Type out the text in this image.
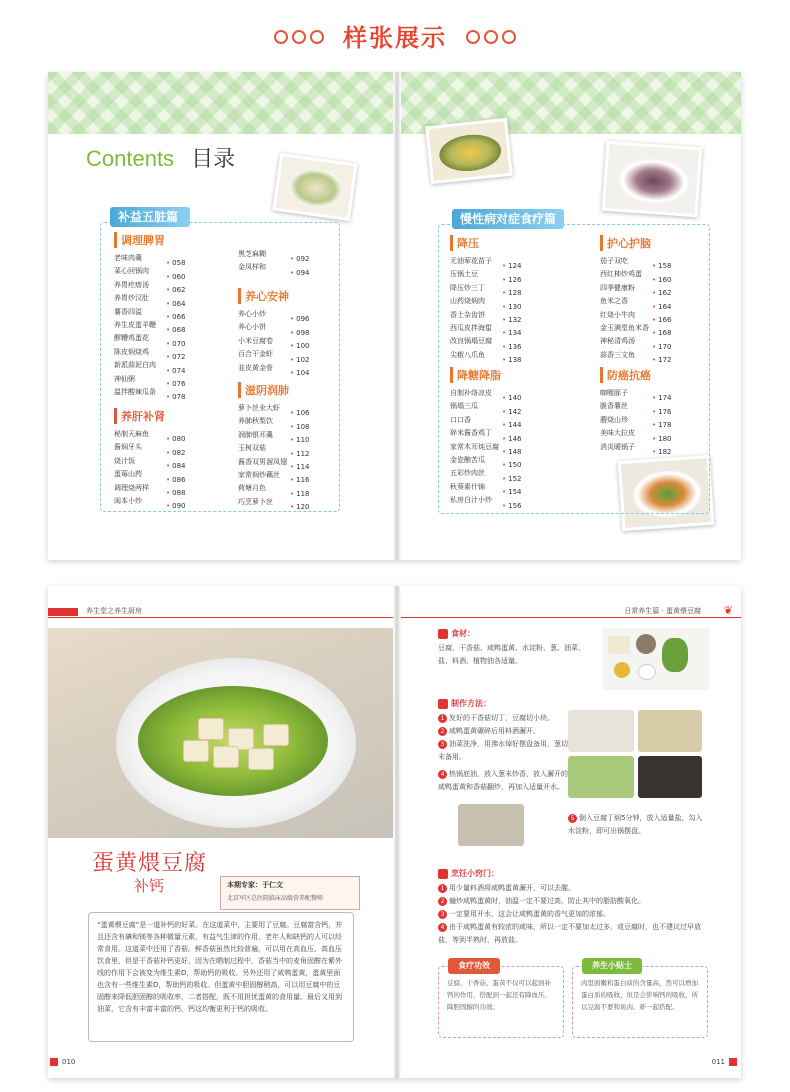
样张展示
Contents 目录
补益五脏篇
调理脾胃
老味肉羹• 058
菜心回锅肉• 060
养胃疙瘩汤• 062
养胃炒汉肚• 064
薯香四溢• 066
养生皮蛋羊鞭• 068
醪糟鸡蛋花• 070
陈皮焖烧鸡• 072
新派蒜泥白肉• 074
神仙粥• 076
温拌酸辣瓜条• 078
养肝补肾
秘制天麻鱼• 080
酱焖牙头• 082
烧汁饭• 084
蛋莓山药• 086
调理烧两样• 088
闺本小炒• 090
黑芝麻糊• 092
金凤样和• 094
养心安神
养心小炒• 096
养心小饼• 098
小米豆腐卷• 100
百合干金虾• 102
韭皮黄金骨• 104
滋阴润肺
萝卜丝汆大虾• 106
养肺秋梨饮• 108
润肺银耳羹• 110
玉树双菇• 112
酱香双男溜凤翅• 114
家常焖炒藕丝• 116
荷塘月色• 118
巧烹萝卜丝• 120
慢性病对症食疗篇
降压
无油荤花苗子• 124
压锅土豆• 126
降压炒三丁• 128
山药烧焖肉• 130
香土杂齿饼• 132
西瓜皮拌海蜇• 134
改良锅塌豆腐• 136
尖椒八爪鱼• 138
降糖降脂
自制补络凉皮• 140
锅塌三瓜• 142
口口香• 144
碎米酱香鸡丁• 146
家常木耳炖豆腐• 148
金瓷酿苦瓜• 150
五彩炒肉丝• 152
秋葵素什锦• 154
私房白汁小炒• 156
护心护脑
茄子双吃• 158
西红柿炒鸡蛋• 160
四季健康粉• 162
鱼米之香• 164
红烧小牛肉• 166
金玉满堂鱼米香• 168
神秘清鸡汤• 170
蒜香三文鱼• 172
防癌抗癌
咖喱豚子• 174
脆香薯丝• 176
蘑烧山珍• 178
美味大拉皮• 180
消炎暖锅子• 182
养生堂之养生厨房	日常养生篇 · 蛋黄煨豆腐 ❦
蛋黄煨豆腐
补钙	本期专家：于仁文
北京军区总医院临床高级营养配餐师
“蛋黄煨豆腐”是一道补钙的好菜。在这道菜中，主要用了豆腐。豆腐富含钙，并且还含有碘和镁等各种微量元素，有益气生津的作用，老年人和缺钙的人可以经常食用。这道菜中还用了香菇。鲜香菇虽然比较普遍，可以用在高血压、高血压饮食里，但是干香菇补钙更好，因为在晒制过程中，香菇当中的麦角固醇在紫外线的作用下会被变为维生素D，帮助钙的吸收。另外还用了咸鸭蛋黄，蛋黄里面也含有一些维生素D，帮助钙的吸收。但蛋黄中胆固醇稍高，可以用豆腐中的豆固醇来降低胆固醇的吸收率，二者搭配，既不用担忧蛋黄的食用量。最后又用到油菜，它含有丰富丰富的钙，钙这均衡更利于钙的吸收。
010	011
食材：
豆腐、干香菇、咸鸭蛋黄、水淀粉、葱、油菜、盐、料酒、植物油各适量。
制作方法：
1 发好的干香菇切丁，豆腐切小块。
2 咸鸭蛋黄碾碎后用料酒澥开。
3 油菜洗净，用沸水焯好摆盘备用，葱切末备用。
4 热锅底油，放入葱末炒香，放入澥开的咸鸭蛋黄和香菇翻炒，再加入适量开水。
5 倒入豆腐丁焖5分钟，放入适量盐，勾入水淀粉，即可出锅摆盘。
烹饪小窍门：
1 用少量料酒将咸鸭蛋黄澥开，可以去腥。
2 熥炒咸鸭蛋黄时，油温一定不要过高，防止其中的脂肪酸氧化。
3 一定要用开水，这会让咸鸭蛋黄的香气更加的浓郁。
4 由于咸鸭蛋黄有较浓的咸味，所以一定不要加太过多，或豆腐时，也不建议过早放盐，等到半熟时，再放盐。
豆腐、干香菇、蛋黄不仅可以起到补钙的作用，搭配到一起还有降血压、降胆固醇的功效。
食疗功效
肉里面嫩和蛋白质的含量高，然可以增加蛋白质的吸收，但是会影响钙的吸收，所以豆腐不要和鱼肉、虾一起搭配。
养生小贴士
